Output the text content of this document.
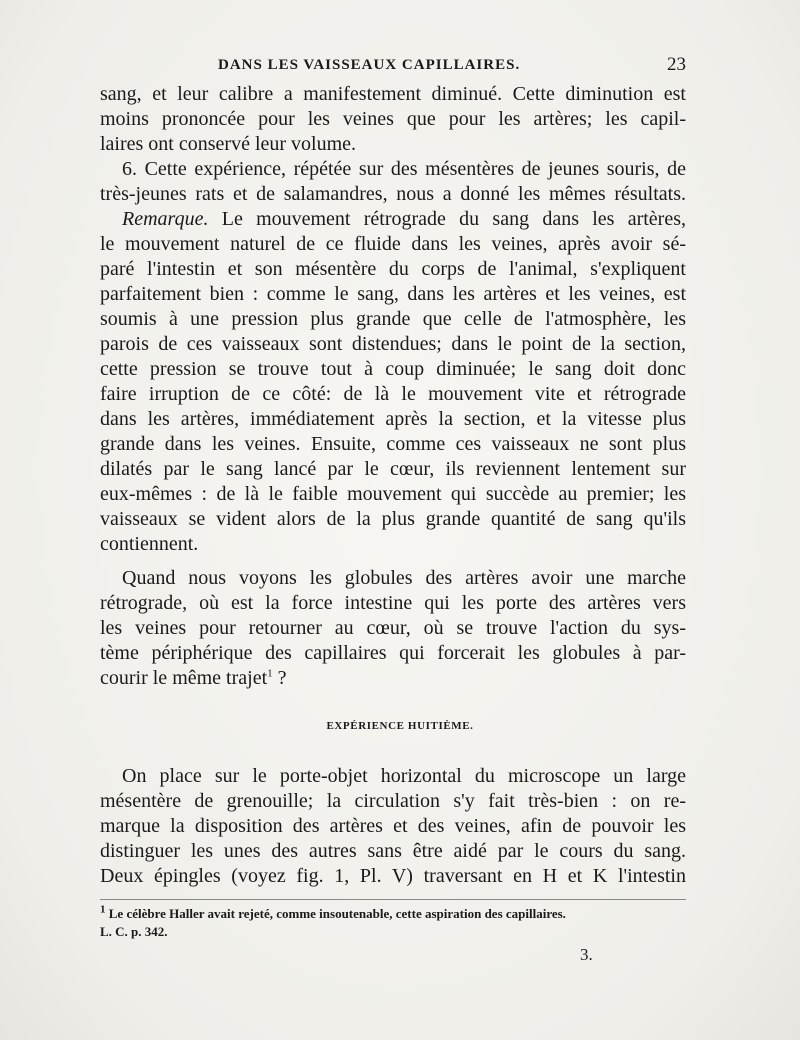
DANS LES VAISSEAUX CAPILLAIRES.	23
sang, et leur calibre a manifestement diminué. Cette diminution est
moins prononcée pour les veines que pour les artères; les capil-
laires ont conservé leur volume.
6. Cette expérience, répétée sur des mésentères de jeunes souris, de
très-jeunes rats et de salamandres, nous a donné les mêmes résultats.
Remarque. Le mouvement rétrograde du sang dans les artères,
le mouvement naturel de ce fluide dans les veines, après avoir sé-
paré l'intestin et son mésentère du corps de l'animal, s'expliquent
parfaitement bien : comme le sang, dans les artères et les veines, est
soumis à une pression plus grande que celle de l'atmosphère, les
parois de ces vaisseaux sont distendues; dans le point de la section,
cette pression se trouve tout à coup diminuée; le sang doit donc
faire irruption de ce côté: de là le mouvement vite et rétrograde
dans les artères, immédiatement après la section, et la vitesse plus
grande dans les veines. Ensuite, comme ces vaisseaux ne sont plus
dilatés par le sang lancé par le cœur, ils reviennent lentement sur
eux-mêmes : de là le faible mouvement qui succède au premier; les
vaisseaux se vident alors de la plus grande quantité de sang qu'ils
contiennent.
Quand nous voyons les globules des artères avoir une marche
rétrograde, où est la force intestine qui les porte des artères vers
les veines pour retourner au cœur, où se trouve l'action du sys-
tème périphérique des capillaires qui forcerait les globules à par-
courir le même trajet$^1$ ?
EXPÉRIENCE HUITIÈME.
On place sur le porte-objet horizontal du microscope un large
mésentère de grenouille; la circulation s'y fait très-bien : on re-
marque la disposition des artères et des veines, afin de pouvoir les
distinguer les unes des autres sans être aidé par le cours du sang.
Deux épingles (voyez fig. 1, Pl. V) traversant en H et K l'intestin
$^1$ Le célèbre Haller avait rejeté, comme insoutenable, cette aspiration des capillaires.
L. C. p. 342.
3.
